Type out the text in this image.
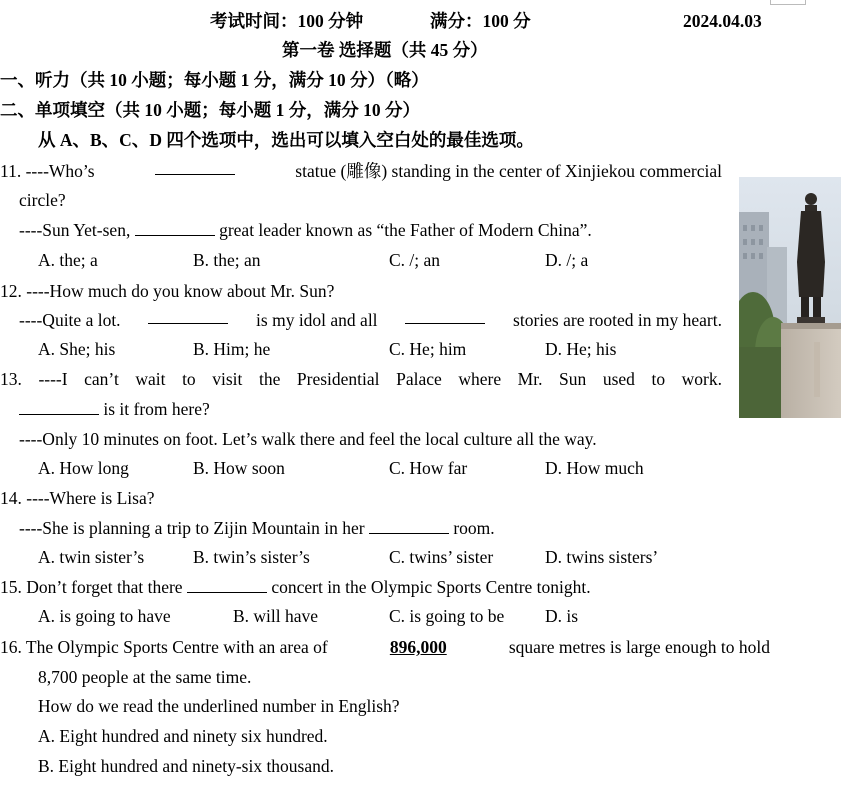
考试时间：100 分钟	满分：100 分	2024.04.03
第一卷 选择题（共 45 分）
一、听力（共 10 小题；每小题 1 分，满分 10 分）（略）
二、单项填空（共 10 小题；每小题 1 分，满分 10 分）
从 A、B、C、D 四个选项中，选出可以填入空白处的最佳选项。
11. ----Who’s	statue (雕像) standing in the center of Xinjiekou commercial
circle?
----Sun Yet-sen,	great leader known as “the Father of Modern China”.
A. the; a	B. the; an	C. /; an	D. /; a
12. ----How much do you know about Mr. Sun?
----Quite a lot.	is my idol and all	stories are rooted in my heart.
A. She; his	B. Him; he	C. He; him	D. He; his
13. ----I can’t wait to visit the Presidential Palace where Mr. Sun used to work.
is it from here?
----Only 10 minutes on foot. Let’s walk there and feel the local culture all the way.
A. How long	B. How soon	C. How far	D. How much
14. ----Where is Lisa?
----She is planning a trip to Zijin Mountain in her	room.
A. twin sister’s	B. twin’s sister’s	C. twins’ sister	D. twins sisters’
15. Don’t forget that there	concert in the Olympic Sports Centre tonight.
A. is going to have	B. will have	C. is going to be D. is
16. The Olympic Sports Centre with an area of	896,000	square metres is large enough to hold
8,700 people at the same time.
How do we read the underlined number in English?
A. Eight hundred and ninety six hundred.
B. Eight hundred and ninety-six thousand.
